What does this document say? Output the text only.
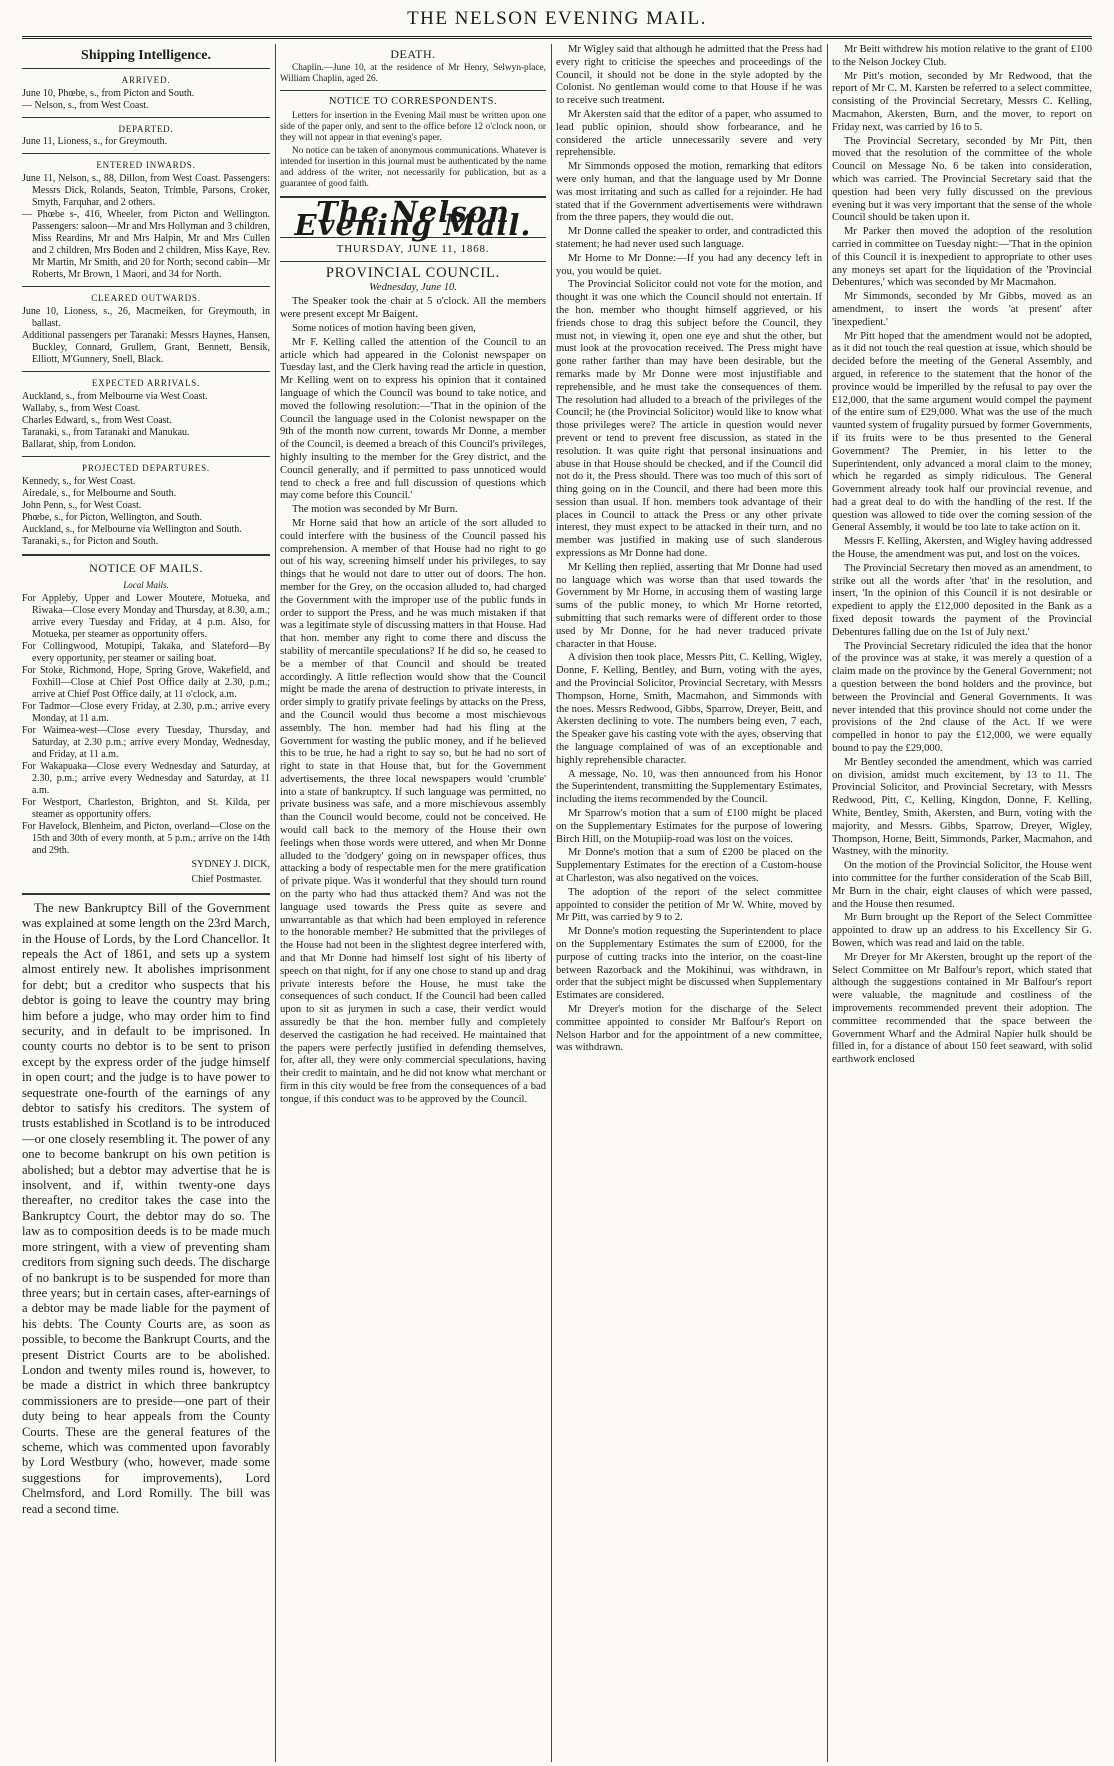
THE NELSON EVENING MAIL.
Shipping Intelligence.
ARRIVED.

June 10, Phœbe, s., from Picton and South.

— Nelson, s., from West Coast.

DEPARTED.

June 11, Lioness, s., for Greymouth.

ENTERED INWARDS.

June 11, Nelson, s., 88, Dillon, from West Coast. Passengers: Messrs Dick, Rolands, Seaton, Trimble, Parsons, Croker, Smyth, Farquhar, and 2 others.

— Phœbe s-, 416, Wheeler, from Picton and Wellington. Passengers: saloon—Mr and Mrs Hollyman and 3 children, Miss Reardins, Mr and Mrs Halpin, Mr and Mrs Cullen and 2 children, Mrs Boden and 2 children, Miss Kaye, Rev. Mr Martin, Mr Smith, and 20 for North; second cabin—Mr Roberts, Mr Brown, 1 Maori, and 34 for North.

CLEARED OUTWARDS.

June 10, Lioness, s., 26, Macmeiken, for Greymouth, in ballast.

Additional passengers per Taranaki: Messrs Haynes, Hansen, Buckley, Connard, Grullem, Grant, Bennett, Bensik, Elliott, M'Gunnery, Snell, Black.

EXPECTED ARRIVALS.

Auckland, s., from Melbourne via West Coast.

Wallaby, s., from West Coast.

Charles Edward, s., from West Coast.

Taranaki, s., from Taranaki and Manukau.

Ballarat, ship, from London.

PROJECTED DEPARTURES.

Kennedy, s., for West Coast.

Airedale, s., for Melbourne and South.

John Penn, s., for West Coast.

Phœbe, s., for Picton, Wellington, and South.

Auckland, s., for Melbourne via Wellington and South.

Taranaki, s., for Picton and South.

NOTICE OF MAILS.
Local Mails.

For Appleby, Upper and Lower Moutere, Motueka, and Riwaka—Close every Monday and Thursday, at 8.30, a.m.; arrive every Tuesday and Friday, at 4 p.m. Also, for Motueka, per steamer as opportunity offers.

For Collingwood, Motupipi, Takaka, and Slateford—By every opportunity, per steamer or sailing boat.

For Stoke, Richmond, Hope, Spring Grove, Wakefield, and Foxhill—Close at Chief Post Office daily at 2.30, p.m.; arrive at Chief Post Office daily, at 11 o'clock, a.m.

For Tadmor—Close every Friday, at 2.30, p.m.; arrive every Monday, at 11 a.m.

For Waimea-west—Close every Tuesday, Thursday, and Saturday, at 2.30 p.m.; arrive every Monday, Wednesday, and Friday, at 11 a.m.

For Wakapuaka—Close every Wednesday and Saturday, at 2.30, p.m.; arrive every Wednesday and Saturday, at 11 a.m.

For Westport, Charleston, Brighton, and St. Kilda, per steamer as opportunity offers.

For Havelock, Blenheim, and Picton, overland—Close on the 15th and 30th of every month, at 5 p.m.; arrive on the 14th and 29th.

SYDNEY J. DICK,
Chief Postmaster.

The new Bankruptcy Bill of the Government was explained at some length on the 23rd March, in the House of Lords, by the Lord Chancellor. It repeals the Act of 1861, and sets up a system almost entirely new. It abolishes imprisonment for debt; but a creditor who suspects that his debtor is going to leave the country may bring him before a judge, who may order him to find security, and in default to be imprisoned. In county courts no debtor is to be sent to prison except by the express order of the judge himself in open court; and the judge is to have power to sequestrate one-fourth of the earnings of any debtor to satisfy his creditors. The system of trusts established in Scotland is to be introduced—or one closely resembling it. The power of any one to become bankrupt on his own petition is abolished; but a debtor may advertise that he is insolvent, and if, within twenty-one days thereafter, no creditor takes the case into the Bankruptcy Court, the debtor may do so. The law as to composition deeds is to be made much more stringent, with a view of preventing sham creditors from signing such deeds. The discharge of no bankrupt is to be suspended for more than three years; but in certain cases, after-earnings of a debtor may be made liable for the payment of his debts. The County Courts are, as soon as possible, to become the Bankrupt Courts, and the present District Courts are to be abolished. London and twenty miles round is, however, to be made a district in which three bankruptcy commissioners are to preside—one part of their duty being to hear appeals from the County Courts. These are the general features of the scheme, which was commented upon favorably by Lord Westbury (who, however, made some suggestions for improvements), Lord Chelmsford, and Lord Romilly. The bill was read a second time.

DEATH.

Chaplin.—June 10, at the residence of Mr Henry, Selwyn-place, William Chaplin, aged 26.

NOTICE TO CORRESPONDENTS.

Letters for insertion in the Evening Mail must be written upon one side of the paper only, and sent to the office before 12 o'clock noon, or they will not appear in that evening's paper.

No notice can be taken of anonymous communications. Whatever is intended for insertion in this journal must be authenticated by the name and address of the writer, not necessarily for publication, but as a guarantee of good faith.

The Nelson Evening Mail.
THURSDAY, JUNE 11, 1868.
PROVINCIAL COUNCIL.
Wednesday, June 10.

The Speaker took the chair at 5 o'clock. All the members were present except Mr Baigent.

Some notices of motion having been given,

Mr F. Kelling called the attention of the Council to an article which had appeared in the Colonist newspaper on Tuesday last, and the Clerk having read the article in question, Mr Kelling went on to express his opinion that it contained language of which the Council was bound to take notice, and moved the following resolution:—'That in the opinion of the Council the language used in the Colonist newspaper on the 9th of the month now current, towards Mr Donne, a member of the Council, is deemed a breach of this Council's privileges, highly insulting to the member for the Grey district, and the Council generally, and if permitted to pass unnoticed would tend to check a free and full discussion of questions which may come before this Council.'

The motion was seconded by Mr Burn.

Mr Horne said that how an article of the sort alluded to could interfere with the business of the Council passed his comprehension. A member of that House had no right to go out of his way, screening himself under his privileges, to say things that he would not dare to utter out of doors. The hon. member for the Grey, on the occasion alluded to, had charged the Government with the improper use of the public funds in order to support the Press, and he was much mistaken if that was a legitimate style of discussing matters in that House. Had that hon. member any right to come there and discuss the stability of mercantile speculations? If he did so, he ceased to be a member of that Council and should be treated accordingly. A little reflection would show that the Council might be made the arena of destruction to private interests, in order simply to gratify private feelings by attacks on the Press, and the Council would thus become a most mischievous assembly. The hon. member had had his fling at the Government for wasting the public money, and if he believed this to be true, he had a right to say so, but he had no sort of right to state in that House that, but for the Government advertisements, the three local newspapers would 'crumble' into a state of bankruptcy. If such language was permitted, no private business was safe, and a more mischievous assembly than the Council would become, could not be conceived. He would call back to the memory of the House their own feelings when those words were uttered, and when Mr Donne alluded to the 'dodgery' going on in newspaper offices, thus attacking a body of respectable men for the mere gratification of private pique. Was it wonderful that they should turn round on the party who had thus attacked them? And was not the language used towards the Press quite as severe and unwarrantable as that which had been employed in reference to the honorable member? He submitted that the privileges of the House had not been in the slightest degree interfered with, and that Mr Donne had himself lost sight of his liberty of speech on that night, for if any one chose to stand up and drag private interests before the House, he must take the consequences of such conduct. If the Council had been called upon to sit as jurymen in such a case, their verdict would assuredly be that the hon. member fully and completely deserved the castigation he had received. He maintained that the papers were perfectly justified in defending themselves, for, after all, they were only commercial speculations, having their credit to maintain, and he did not know what merchant or firm in this city would be free from the consequences of a bad tongue, if this conduct was to be approved by the Council.

Mr Wigley said that although he admitted that the Press had every right to criticise the speeches and proceedings of the Council, it should not be done in the style adopted by the Colonist. No gentleman would come to that House if he was to receive such treatment.

Mr Akersten said that the editor of a paper, who assumed to lead public opinion, should show forbearance, and he considered the article unnecessarily severe and very reprehensible.

Mr Simmonds opposed the motion, remarking that editors were only human, and that the language used by Mr Donne was most irritating and such as called for a rejoinder. He had stated that if the Government advertisements were withdrawn from the three papers, they would die out.

Mr Donne called the speaker to order, and contradicted this statement; he had never used such language.

Mr Horne to Mr Donne:—If you had any decency left in you, you would be quiet.

The Provincial Solicitor could not vote for the motion, and thought it was one which the Council should not entertain. If the hon. member who thought himself aggrieved, or his friends chose to drag this subject before the Council, they must not, in viewing it, open one eye and shut the other, but must look at the provocation received. The Press might have gone rather farther than may have been desirable, but the remarks made by Mr Donne were most injustifiable and reprehensible, and he must take the consequences of them. The resolution had alluded to a breach of the privileges of the Council; he (the Provincial Solicitor) would like to know what those privileges were? The article in question would never prevent or tend to prevent free discussion, as stated in the resolution. It was quite right that personal insinuations and abuse in that House should be checked, and if the Council did not do it, the Press should. There was too much of this sort of thing going on in the Council, and there had been more this session than usual. If hon. members took advantage of their places in Council to attack the Press or any other private interest, they must expect to be attacked in their turn, and no member was justified in making use of such slanderous expressions as Mr Donne had done.

Mr Kelling then replied, asserting that Mr Donne had used no language which was worse than that used towards the Government by Mr Horne, in accusing them of wasting large sums of the public money, to which Mr Horne retorted, submitting that such remarks were of different order to those used by Mr Donne, for he had never traduced private character in that House.

A division then took place, Messrs Pitt, C. Kelling, Wigley, Donne, F. Kelling, Bentley, and Burn, voting with the ayes, and the Provincial Solicitor, Provincial Secretary, with Messrs Thompson, Horne, Smith, Macmahon, and Simmonds with the noes. Messrs Redwood, Gibbs, Sparrow, Dreyer, Beitt, and Akersten declining to vote. The numbers being even, 7 each, the Speaker gave his casting vote with the ayes, observing that the language complained of was of an exceptionable and highly reprehensible character.

A message, No. 10, was then announced from his Honor the Superintendent, transmitting the Supplementary Estimates, including the items recommended by the Council.

Mr Sparrow's motion that a sum of £100 might be placed on the Supplementary Estimates for the purpose of lowering Birch Hill, on the Motupiip-road was lost on the voices.

Mr Donne's motion that a sum of £200 be placed on the Supplementary Estimates for the erection of a Custom-house at Charleston, was also negatived on the voices.

The adoption of the report of the select committee appointed to consider the petition of Mr W. White, moved by Mr Pitt, was carried by 9 to 2.

Mr Donne's motion requesting the Superintendent to place on the Supplementary Estimates the sum of £2000, for the purpose of cutting tracks into the interior, on the coast-line between Razorback and the Mokihinui, was withdrawn, in order that the subject might be discussed when Supplementary Estimates are considered.

Mr Dreyer's motion for the discharge of the Select committee appointed to consider Mr Balfour's Report on Nelson Harbor and for the appointment of a new committee, was withdrawn.

Mr Beitt withdrew his motion relative to the grant of £100 to the Nelson Jockey Club.

Mr Pitt's motion, seconded by Mr Redwood, that the report of Mr C. M. Karsten be referred to a select committee, consisting of the Provincial Secretary, Messrs C. Kelling, Macmahon, Akersten, Burn, and the mover, to report on Friday next, was carried by 16 to 5.

The Provincial Secretary, seconded by Mr Pitt, then moved that the resolution of the committee of the whole Council on Message No. 6 be taken into consideration, which was carried. The Provincial Secretary said that the question had been very fully discussed on the previous evening but it was very important that the sense of the whole Council should be taken upon it.

Mr Parker then moved the adoption of the resolution carried in committee on Tuesday night:—'That in the opinion of this Council it is inexpedient to appropriate to other uses any moneys set apart for the liquidation of the 'Provincial Debentures,' which was seconded by Mr Macmahon.

Mr Simmonds, seconded by Mr Gibbs, moved as an amendment, to insert the words 'at present' after 'inexpedient.'

Mr Pitt hoped that the amendment would not be adopted, as it did not touch the real question at issue, which should be decided before the meeting of the General Assembly, and argued, in reference to the statement that the honor of the province would be imperilled by the refusal to pay over the £12,000, that the same argument would compel the payment of the entire sum of £29,000. What was the use of the much vaunted system of frugality pursued by former Governments, if its fruits were to be thus presented to the General Government? The Premier, in his letter to the Superintendent, only advanced a moral claim to the money, which he regarded as simply ridiculous. The General Government already took half our provincial revenue, and had a great deal to do with the handling of the rest. If the question was allowed to tide over the coming session of the General Assembly, it would be too late to take action on it.

Messrs F. Kelling, Akersten, and Wigley having addressed the House, the amendment was put, and lost on the voices.

The Provincial Secretary then moved as an amendment, to strike out all the words after 'that' in the resolution, and insert, 'In the opinion of this Council it is not desirable or expedient to apply the £12,000 deposited in the Bank as a fixed deposit towards the payment of the Provincial Debentures falling due on the 1st of July next.'

The Provincial Secretary ridiculed the idea that the honor of the province was at stake, it was merely a question of a claim made on the province by the General Government; not a question between the bond holders and the province, but between the Provincial and General Governments. It was never intended that this province should not come under the provisions of the 2nd clause of the Act. If we were compelled in honor to pay the £12,000, we were equally bound to pay the £29,000.

Mr Bentley seconded the amendment, which was carried on division, amidst much excitement, by 13 to 11. The Provincial Solicitor, and Provincial Secretary, with Messrs Redwood, Pitt, C, Kelling, Kingdon, Donne, F. Kelling, White, Bentley, Smith, Akersten, and Burn, voting with the majority, and Messrs. Gibbs, Sparrow, Dreyer, Wigley, Thompson, Horne, Beitt, Simmonds, Parker, Macmahon, and Wastney, with the minority.

On the motion of the Provincial Solicitor, the House went into committee for the further consideration of the Scab Bill, Mr Burn in the chair, eight clauses of which were passed, and the House then resumed.

Mr Burn brought up the Report of the Select Committee appointed to draw up an address to his Excellency Sir G. Bowen, which was read and laid on the table.

Mr Dreyer for Mr Akersten, brought up the report of the Select Committee on Mr Balfour's report, which stated that although the suggestions contained in Mr Balfour's report were valuable, the magnitude and costliness of the improvements recommended prevent their adoption. The committee recommended that the space between the Government Wharf and the Admiral Napier hulk should be filled in, for a distance of about 150 feet seaward, with solid earthwork enclosed
